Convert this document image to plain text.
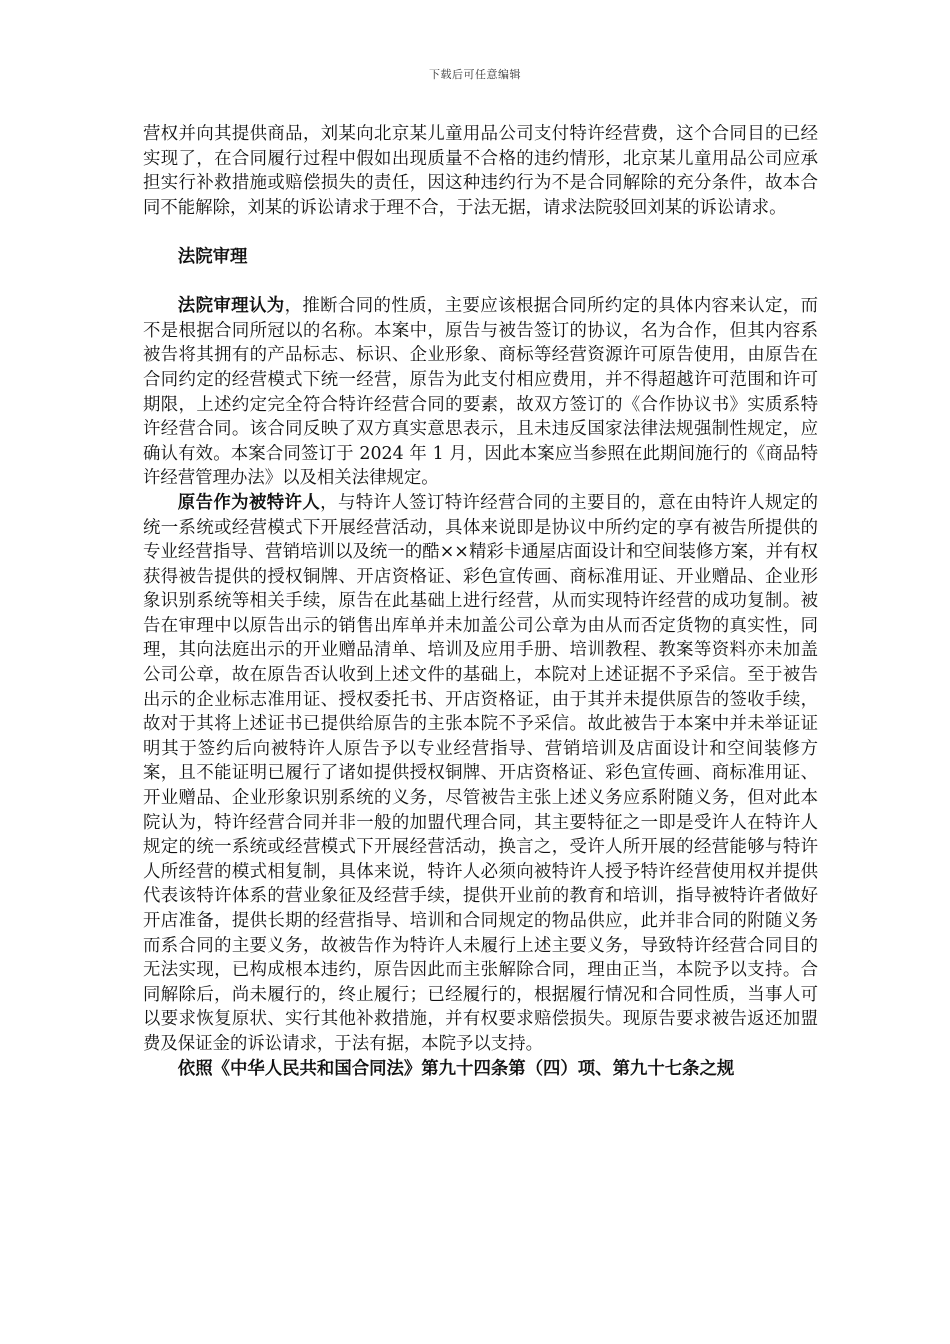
下载后可任意编辑

营权并向其提供商品，刘某向北京某儿童用品公司支付特许经营费，这个合同目的已经实现了，在合同履行过程中假如出现质量不合格的违约情形，北京某儿童用品公司应承担实行补救措施或赔偿损失的责任，因这种违约行为不是合同解除的充分条件，故本合同不能解除，刘某的诉讼请求于理不合，于法无据，请求法院驳回刘某的诉讼请求。

法院审理

法院审理认为，推断合同的性质，主要应该根据合同所约定的具体内容来认定，而不是根据合同所冠以的名称。本案中，原告与被告签订的协议，名为合作，但其内容系被告将其拥有的产品标志、标识、企业形象、商标等经营资源许可原告使用，由原告在合同约定的经营模式下统一经营，原告为此支付相应费用，并不得超越许可范围和许可期限，上述约定完全符合特许经营合同的要素，故双方签订的《合作协议书》实质系特许经营合同。该合同反映了双方真实意思表示，且未违反国家法律法规强制性规定，应确认有效。本案合同签订于 2024 年 1 月，因此本案应当参照在此期间施行的《商品特许经营管理办法》以及相关法律规定。

原告作为被特许人，与特许人签订特许经营合同的主要目的，意在由特许人规定的统一系统或经营模式下开展经营活动，具体来说即是协议中所约定的享有被告所提供的专业经营指导、营销培训以及统一的酷××精彩卡通屋店面设计和空间装修方案，并有权获得被告提供的授权铜牌、开店资格证、彩色宣传画、商标准用证、开业赠品、企业形象识别系统等相关手续，原告在此基础上进行经营，从而实现特许经营的成功复制。被告在审理中以原告出示的销售出库单并未加盖公司公章为由从而否定货物的真实性，同理，其向法庭出示的开业赠品清单、培训及应用手册、培训教程、教案等资料亦未加盖公司公章，故在原告否认收到上述文件的基础上，本院对上述证据不予采信。至于被告出示的企业标志准用证、授权委托书、开店资格证，由于其并未提供原告的签收手续，故对于其将上述证书已提供给原告的主张本院不予采信。故此被告于本案中并未举证证明其于签约后向被特许人原告予以专业经营指导、营销培训及店面设计和空间装修方案，且不能证明已履行了诸如提供授权铜牌、开店资格证、彩色宣传画、商标准用证、开业赠品、企业形象识别系统的义务，尽管被告主张上述义务应系附随义务，但对此本院认为，特许经营合同并非一般的加盟代理合同，其主要特征之一即是受许人在特许人规定的统一系统或经营模式下开展经营活动，换言之，受许人所开展的经营能够与特许人所经营的模式相复制，具体来说，特许人必须向被特许人授予特许经营使用权并提供代表该特许体系的营业象征及经营手续，提供开业前的教育和培训，指导被特许者做好开店准备，提供长期的经营指导、培训和合同规定的物品供应，此并非合同的附随义务而系合同的主要义务，故被告作为特许人未履行上述主要义务，导致特许经营合同目的无法实现，已构成根本违约，原告因此而主张解除合同，理由正当，本院予以支持。合同解除后，尚未履行的，终止履行；已经履行的，根据履行情况和合同性质，当事人可以要求恢复原状、实行其他补救措施，并有权要求赔偿损失。现原告要求被告返还加盟费及保证金的诉讼请求，于法有据，本院予以支持。

依照《中华人民共和国合同法》第九十四条第（四）项、第九十七条之规
